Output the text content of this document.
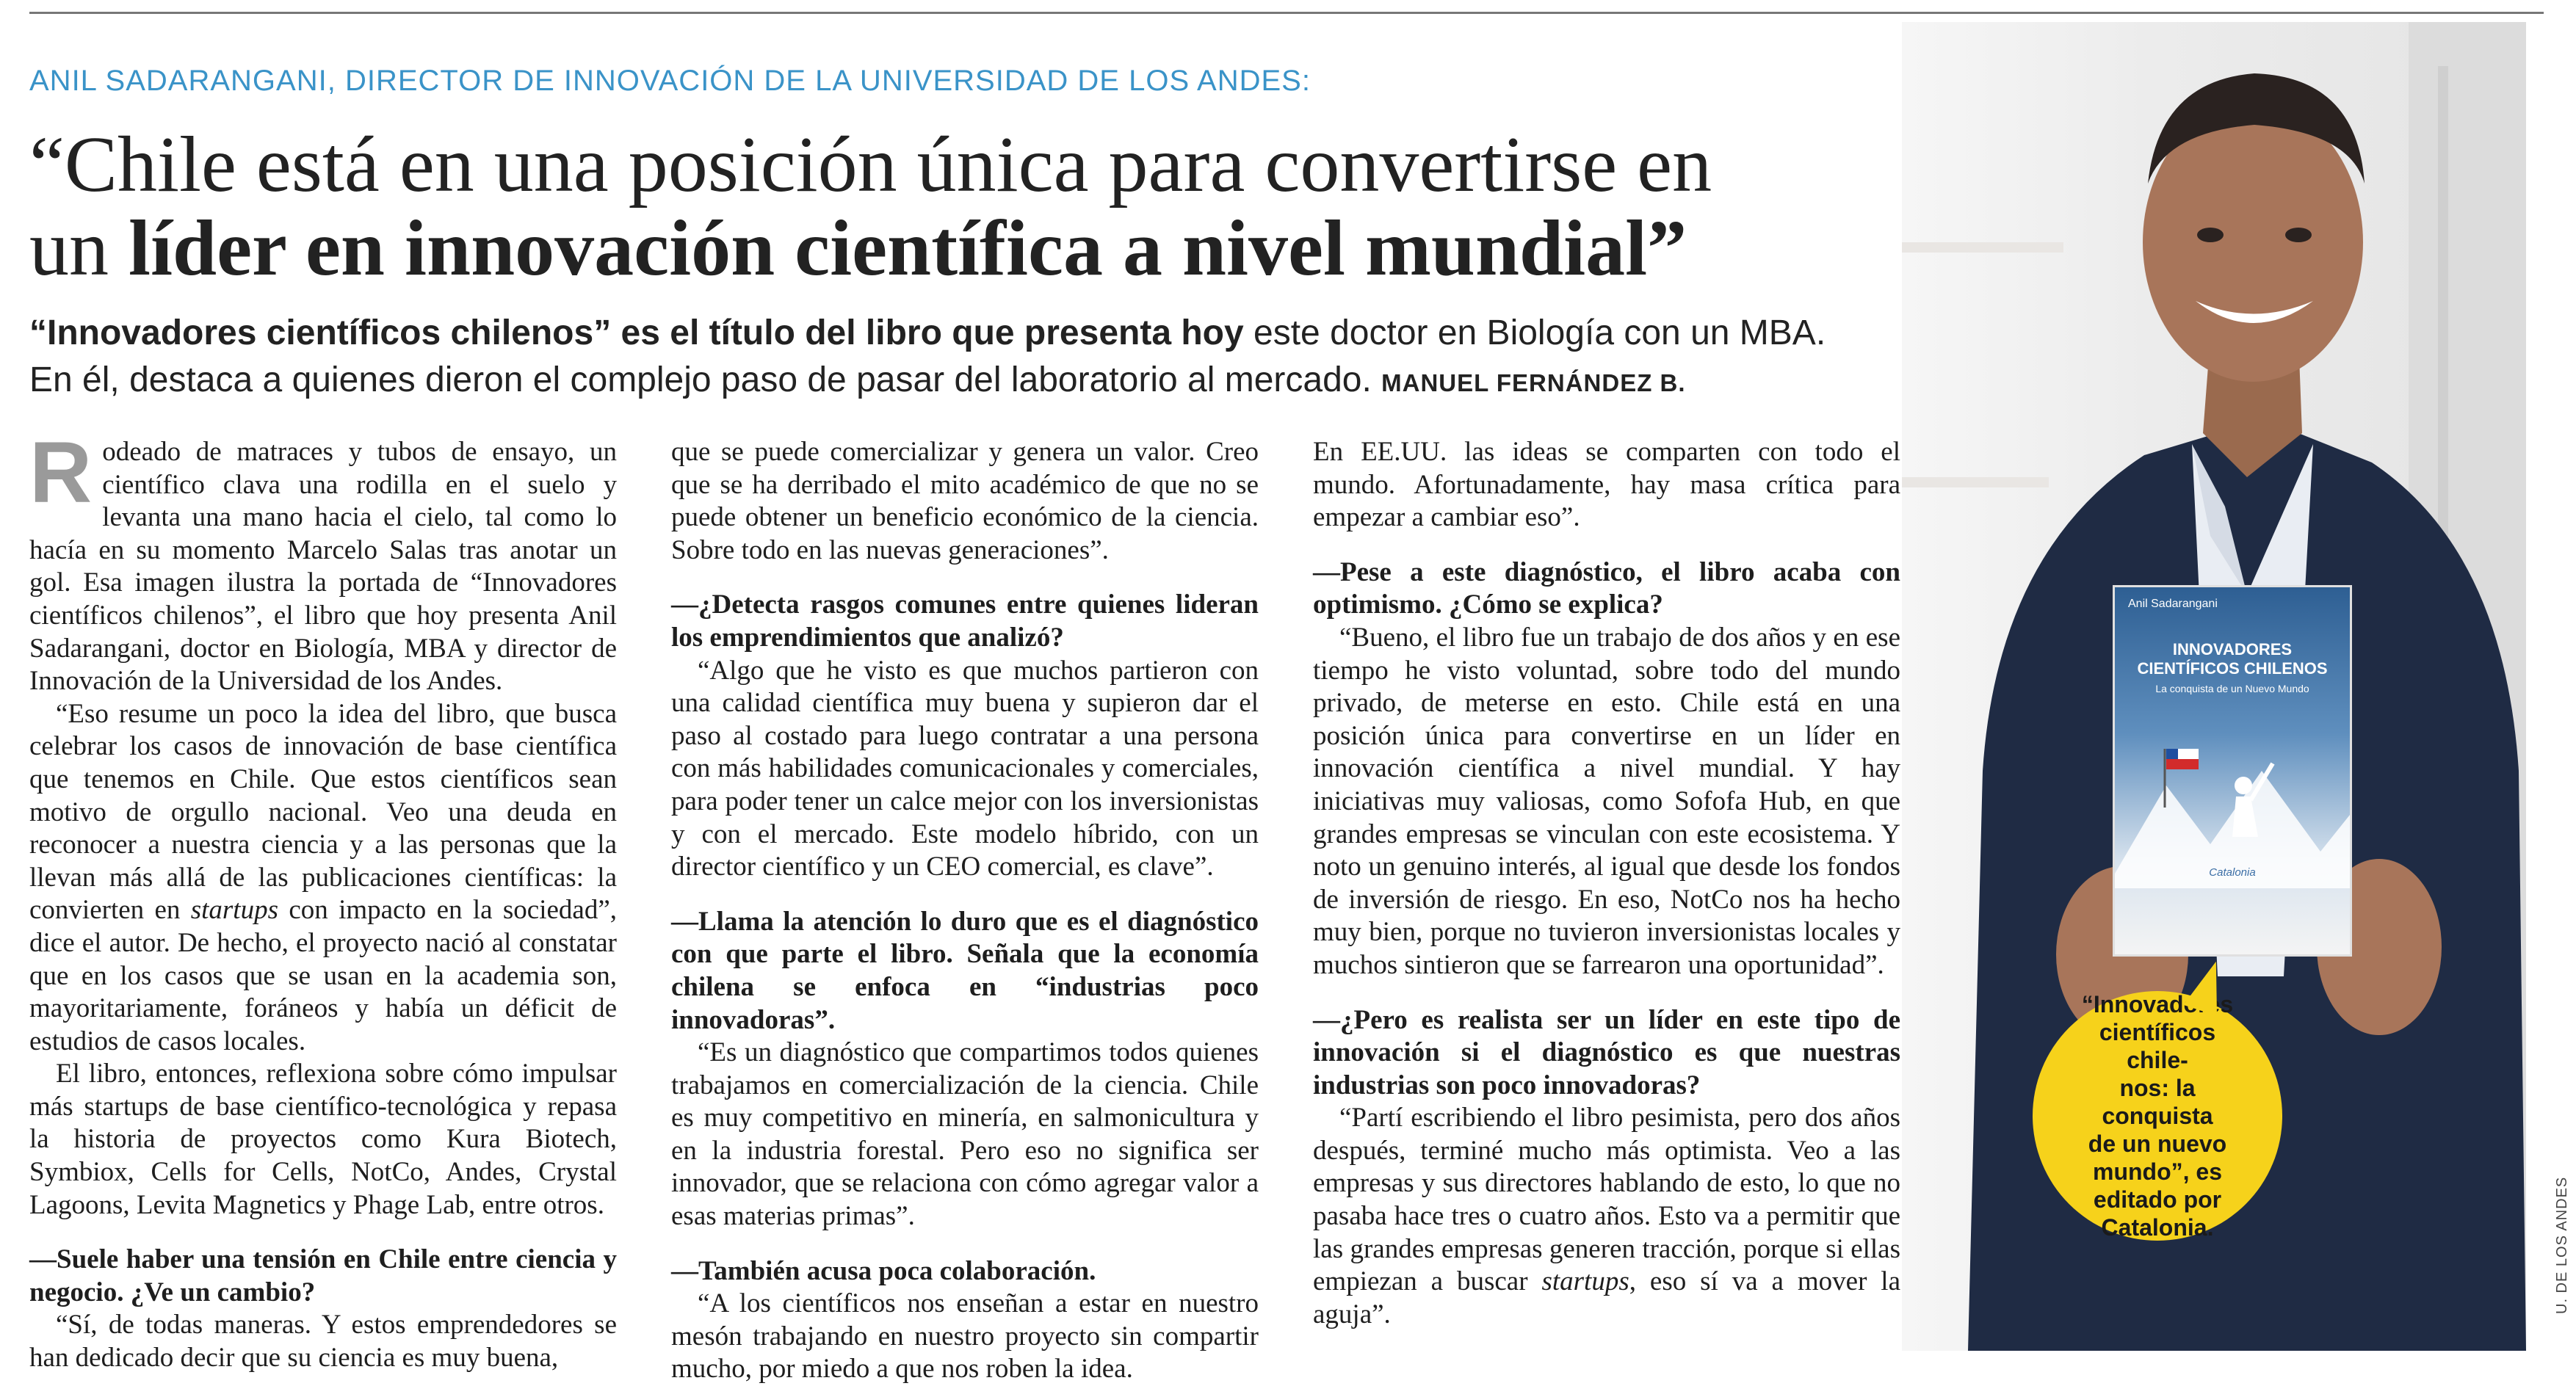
ANIL SADARANGANI, DIRECTOR DE INNOVACIÓN DE LA UNIVERSIDAD DE LOS ANDES:
“Chile está en una posición única para convertirse en
un líder en innovación científica a nivel mundial”
“Innovadores científicos chilenos” es el título del libro que presenta hoy este doctor en Biología con un MBA. En él, destaca a quienes dieron el complejo paso de pasar del laboratorio al mercado. MANUEL FERNÁNDEZ B.

Rodeado de matraces y tubos de ensayo, un científico clava una rodilla en el suelo y levanta una mano hacia el cielo, tal como lo hacía en su momento Marcelo Salas tras anotar un gol. Esa imagen ilustra la portada de “Innovadores científicos chilenos”, el libro que hoy presenta Anil Sadarangani, doctor en Biología, MBA y director de Innovación de la Universidad de los Andes.

“Eso resume un poco la idea del libro, que busca celebrar los casos de innovación de base científica que tenemos en Chile. Que estos científicos sean motivo de orgullo nacional. Veo una deuda en reconocer a nuestra ciencia y a las personas que la llevan más allá de las publicaciones científicas: la convierten en startups con impacto en la sociedad”, dice el autor. De hecho, el proyecto nació al constatar que en los casos que se usan en la academia son, mayoritariamente, foráneos y había un déficit de estudios de casos locales.

El libro, entonces, reflexiona sobre cómo impulsar más startups de base científico-tecnológica y repasa la historia de proyectos como Kura Biotech, Symbiox, Cells for Cells, NotCo, Andes, Crystal Lagoons, Levita Magnetics y Phage Lab, entre otros.

—Suele haber una tensión en Chile entre ciencia y negocio. ¿Ve un cambio?

“Sí, de todas maneras. Y estos emprendedores se han dedicado decir que su ciencia es muy buena,

que se puede comercializar y genera un valor. Creo que se ha derribado el mito académico de que no se puede obtener un beneficio económico de la ciencia. Sobre todo en las nuevas generaciones”.

—¿Detecta rasgos comunes entre quienes lideran los emprendimientos que analizó?

“Algo que he visto es que muchos partieron con una calidad científica muy buena y supieron dar el paso al costado para luego contratar a una persona con más habilidades comunicacionales y comerciales, para poder tener un calce mejor con los inversionistas y con el mercado. Este modelo híbrido, con un director científico y un CEO comercial, es clave”.

—Llama la atención lo duro que es el diagnóstico con que parte el libro. Señala que la economía chilena se enfoca en “industrias poco innovadoras”.

“Es un diagnóstico que compartimos todos quienes trabajamos en comercialización de la ciencia. Chile es muy competitivo en minería, en salmonicultura y en la industria forestal. Pero eso no significa ser innovador, que se relaciona con cómo agregar valor a esas materias primas”.

—También acusa poca colaboración.

“A los científicos nos enseñan a estar en nuestro mesón trabajando en nuestro proyecto sin compartir mucho, por miedo a que nos roben la idea.

En EE.UU. las ideas se comparten con todo el mundo. Afortunadamente, hay masa crítica para empezar a cambiar eso”.

—Pese a este diagnóstico, el libro acaba con optimismo. ¿Cómo se explica?

“Bueno, el libro fue un trabajo de dos años y en ese tiempo he visto voluntad, sobre todo del mundo privado, de meterse en esto. Chile está en una posición única para convertirse en un líder en innovación científica a nivel mundial. Y hay iniciativas muy valiosas, como Sofofa Hub, en que grandes empresas se vinculan con este ecosistema. Y noto un genuino interés, al igual que desde los fondos de inversión de riesgo. En eso, NotCo nos ha hecho muy bien, porque no tuvieron inversionistas locales y muchos sintieron que se farrearon una oportunidad”.

—¿Pero es realista ser un líder en este tipo de innovación si el diagnóstico es que nuestras industrias son poco innovadoras?

“Partí escribiendo el libro pesimista, pero dos años después, terminé mucho más optimista. Veo a las empresas y sus directores hablando de esto, lo que no pasaba hace tres o cuatro años. Esto va a permitir que las grandes empresas generen tracción, porque si ellas empiezan a buscar startups, eso sí va a mover la aguja”.

Anil Sadarangani
INNOVADORES
CIENTÍFICOS CHILENOS
La conquista de un Nuevo Mundo
Catalonia
“Innovadores
científicos chile-
nos: la conquista
de un nuevo
mundo”, es
editado por
Catalonia.	U. DE LOS ANDES
